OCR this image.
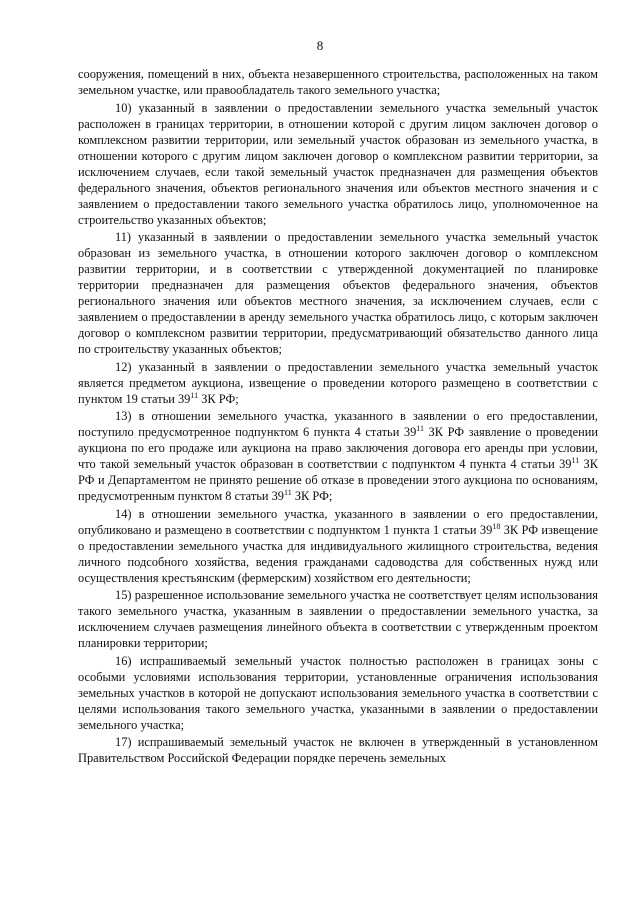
8

сооружения, помещений в них, объекта незавершенного строительства, расположенных на таком земельном участке, или правообладатель такого земельного участка;

10) указанный в заявлении о предоставлении земельного участка земельный участок расположен в границах территории, в отношении которой с другим лицом заключен договор о комплексном развитии территории, или земельный участок образован из земельного участка, в отношении которого с другим лицом заключен договор о комплексном развитии территории, за исключением случаев, если такой земельный участок предназначен для размещения объектов федерального значения, объектов регионального значения или объектов местного значения и с заявлением о предоставлении такого земельного участка обратилось лицо, уполномоченное на строительство указанных объектов;

11) указанный в заявлении о предоставлении земельного участка земельный участок образован из земельного участка, в отношении которого заключен договор о комплексном развитии территории, и в соответствии с утвержденной документацией по планировке территории предназначен для размещения объектов федерального значения, объектов регионального значения или объектов местного значения, за исключением случаев, если с заявлением о предоставлении в аренду земельного участка обратилось лицо, с которым заключен договор о комплексном развитии территории, предусматривающий обязательство данного лица по строительству указанных объектов;

12) указанный в заявлении о предоставлении земельного участка земельный участок является предметом аукциона, извещение о проведении которого размещено в соответствии с пунктом 19 статьи $39^{11}$ ЗК РФ;

13) в отношении земельного участка, указанного в заявлении о его предоставлении, поступило предусмотренное подпунктом 6 пункта 4 статьи $39^{11}$ ЗК РФ заявление о проведении аукциона по его продаже или аукциона на право заключения договора его аренды при условии, что такой земельный участок образован в соответствии с подпунктом 4 пункта 4 статьи $39^{11}$ ЗК РФ и Департаментом не принято решение об отказе в проведении этого аукциона по основаниям, предусмотренным пунктом 8 статьи $39^{11}$ ЗК РФ;

14) в отношении земельного участка, указанного в заявлении о его предоставлении, опубликовано и размещено в соответствии с подпунктом 1 пункта 1 статьи $39^{18}$ ЗК РФ извещение о предоставлении земельного участка для индивидуального жилищного строительства, ведения личного подсобного хозяйства, ведения гражданами садоводства для собственных нужд или осуществления крестьянским (фермерским) хозяйством его деятельности;

15) разрешенное использование земельного участка не соответствует целям использования такого земельного участка, указанным в заявлении о предоставлении земельного участка, за исключением случаев размещения линейного объекта в соответствии с утвержденным проектом планировки территории;

16) испрашиваемый земельный участок полностью расположен в границах зоны с особыми условиями использования территории, установленные ограничения использования земельных участков в которой не допускают использования земельного участка в соответствии с целями использования такого земельного участка, указанными в заявлении о предоставлении земельного участка;

17) испрашиваемый земельный участок не включен в утвержденный в установленном Правительством Российской Федерации порядке перечень земельных
